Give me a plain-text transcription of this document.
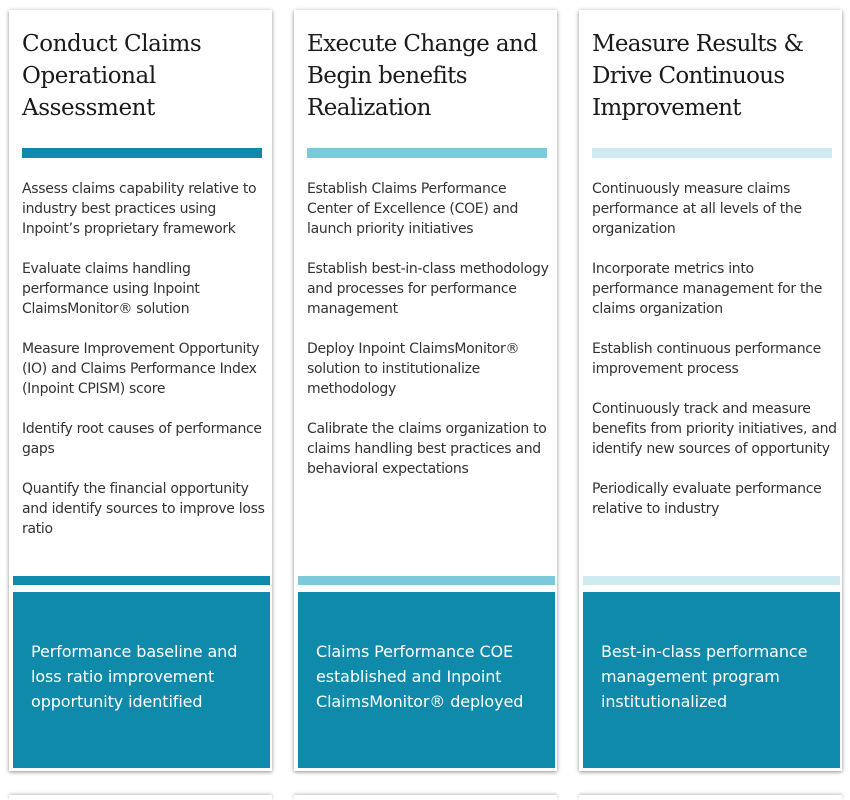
Conduct Claims Operational Assessment
Assess claims capability relative to industry best practices using Inpoint’s proprietary framework
Evaluate claims handling performance using Inpoint ClaimsMonitor® solution
Measure Improvement Opportunity (IO) and Claims Performance Index (Inpoint CPISM) score
Identify root causes of performance gaps
Quantify the financial opportunity and identify sources to improve loss ratio
Performance baseline and loss ratio improvement opportunity identified
Execute Change and Begin benefits Realization
Establish Claims Performance Center of Excellence (COE) and launch priority initiatives
Establish best-in-class methodology and processes for performance management
Deploy Inpoint ClaimsMonitor® solution to institutionalize methodology
Calibrate the claims organization to claims handling best practices and behavioral expectations
Claims Performance COE established and Inpoint ClaimsMonitor® deployed
Measure Results & Drive Continuous Improvement
Continuously measure claims performance at all levels of the organization
Incorporate metrics into performance management for the claims organization
Establish continuous performance improvement process
Continuously track and measure benefits from priority initiatives, and identify new sources of opportunity
Periodically evaluate performance relative to industry
Best-in-class performance management program institutionalized
